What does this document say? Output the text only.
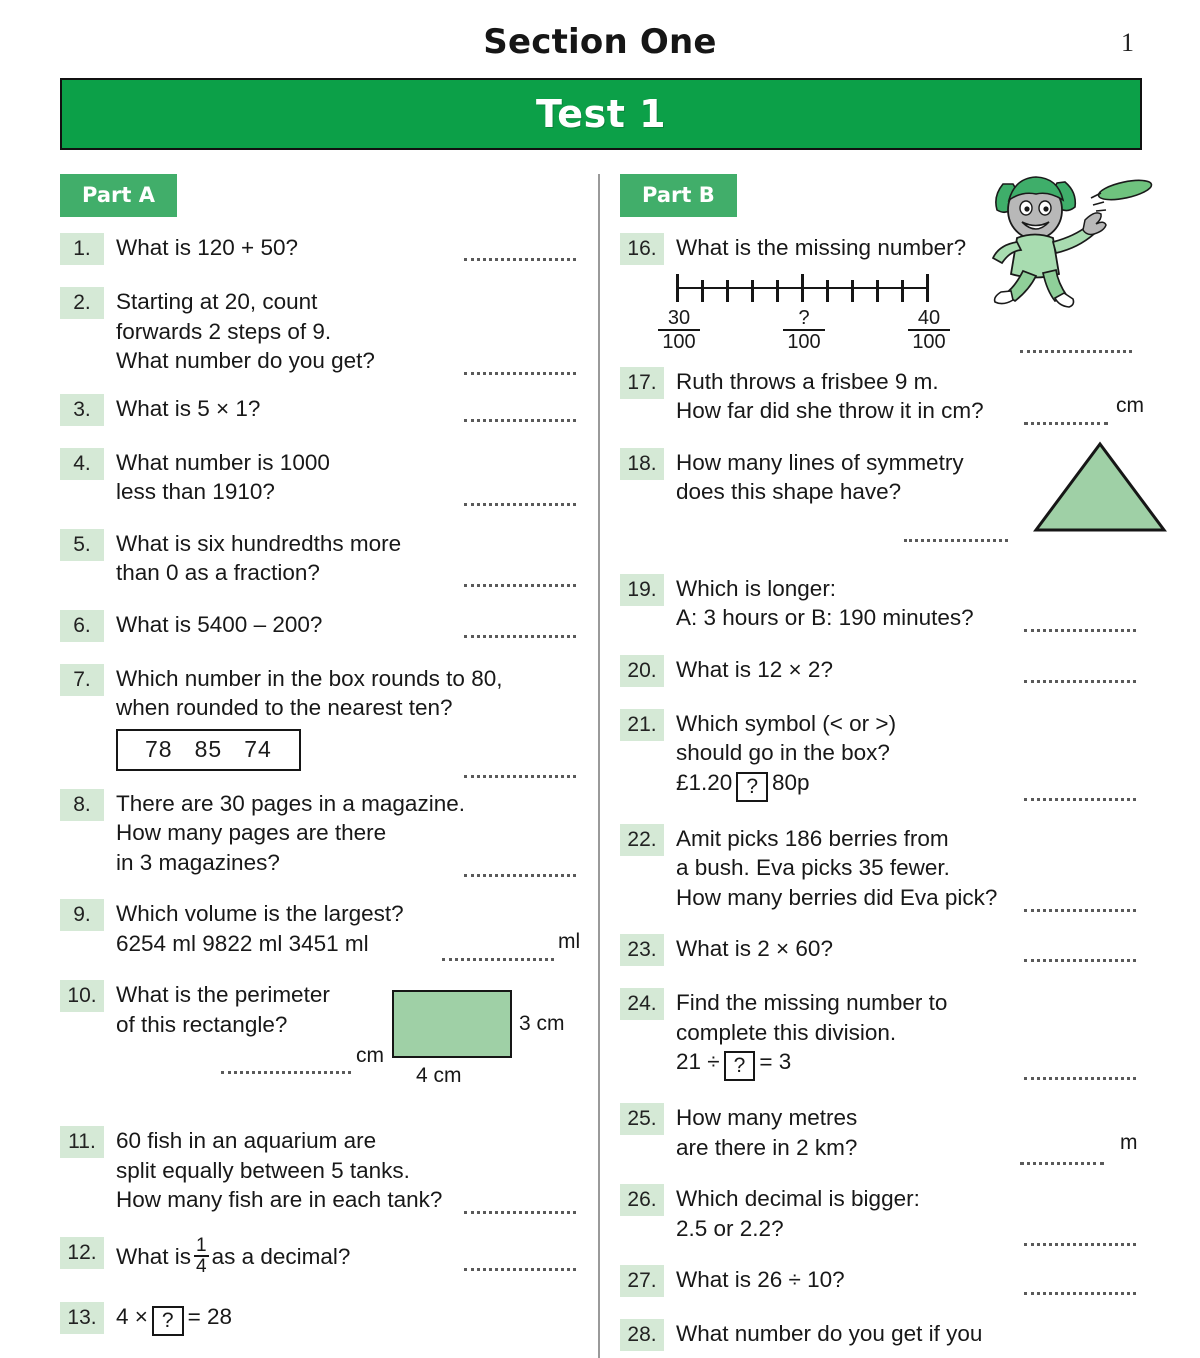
Section One	1
Test 1
Part A
1.	What is 120 + 50?
2.	Starting at 20, count
forwards 2 steps of 9.
What number do you get?
3.	What is 5 × 1?
4.	What number is 1000
less than 1910?
5.	What is six hundredths more
than 0 as a fraction?
6.	What is 5400 – 200?
7.	Which number in the box rounds to 80,
when rounded to the nearest ten?
78 85 74
8.	There are 30 pages in a magazine.
How many pages are there
in 3 magazines?
9.	Which volume is the largest?
6254 ml 9822 ml 3451 ml	ml
10. What is the perimeter
of this rectangle?	3 cm
4 cm
cm
11. 60 fish in an aquarium are
split equally between 5 tanks.
How many fish are in each tank?
12. What is $\frac{1}{4}$ as a decimal?
13. 4 × ? = 28
Part B
16. What is the missing number?
$\frac{30}{100}$	?
100	$\frac{40}{100}$
17. Ruth throws a frisbee 9 m.
How far did she throw it in cm?	cm
18. How many lines of symmetry
does this shape have?
19. Which is longer:
A: 3 hours or B: 190 minutes?
20. What is 12 × 2?
21. Which symbol (< or >)
should go in the box?
£1.20 ? 80p
22. Amit picks 186 berries from
a bush. Eva picks 35 fewer.
How many berries did Eva pick?
23. What is 2 × 60?
24. Find the missing number to
complete this division.
21 ÷ ? = 3
25. How many metres
are there in 2 km?	m
26. Which decimal is bigger:
2.5 or 2.2?
27. What is 26 ÷ 10?
28. What number do you get if you
